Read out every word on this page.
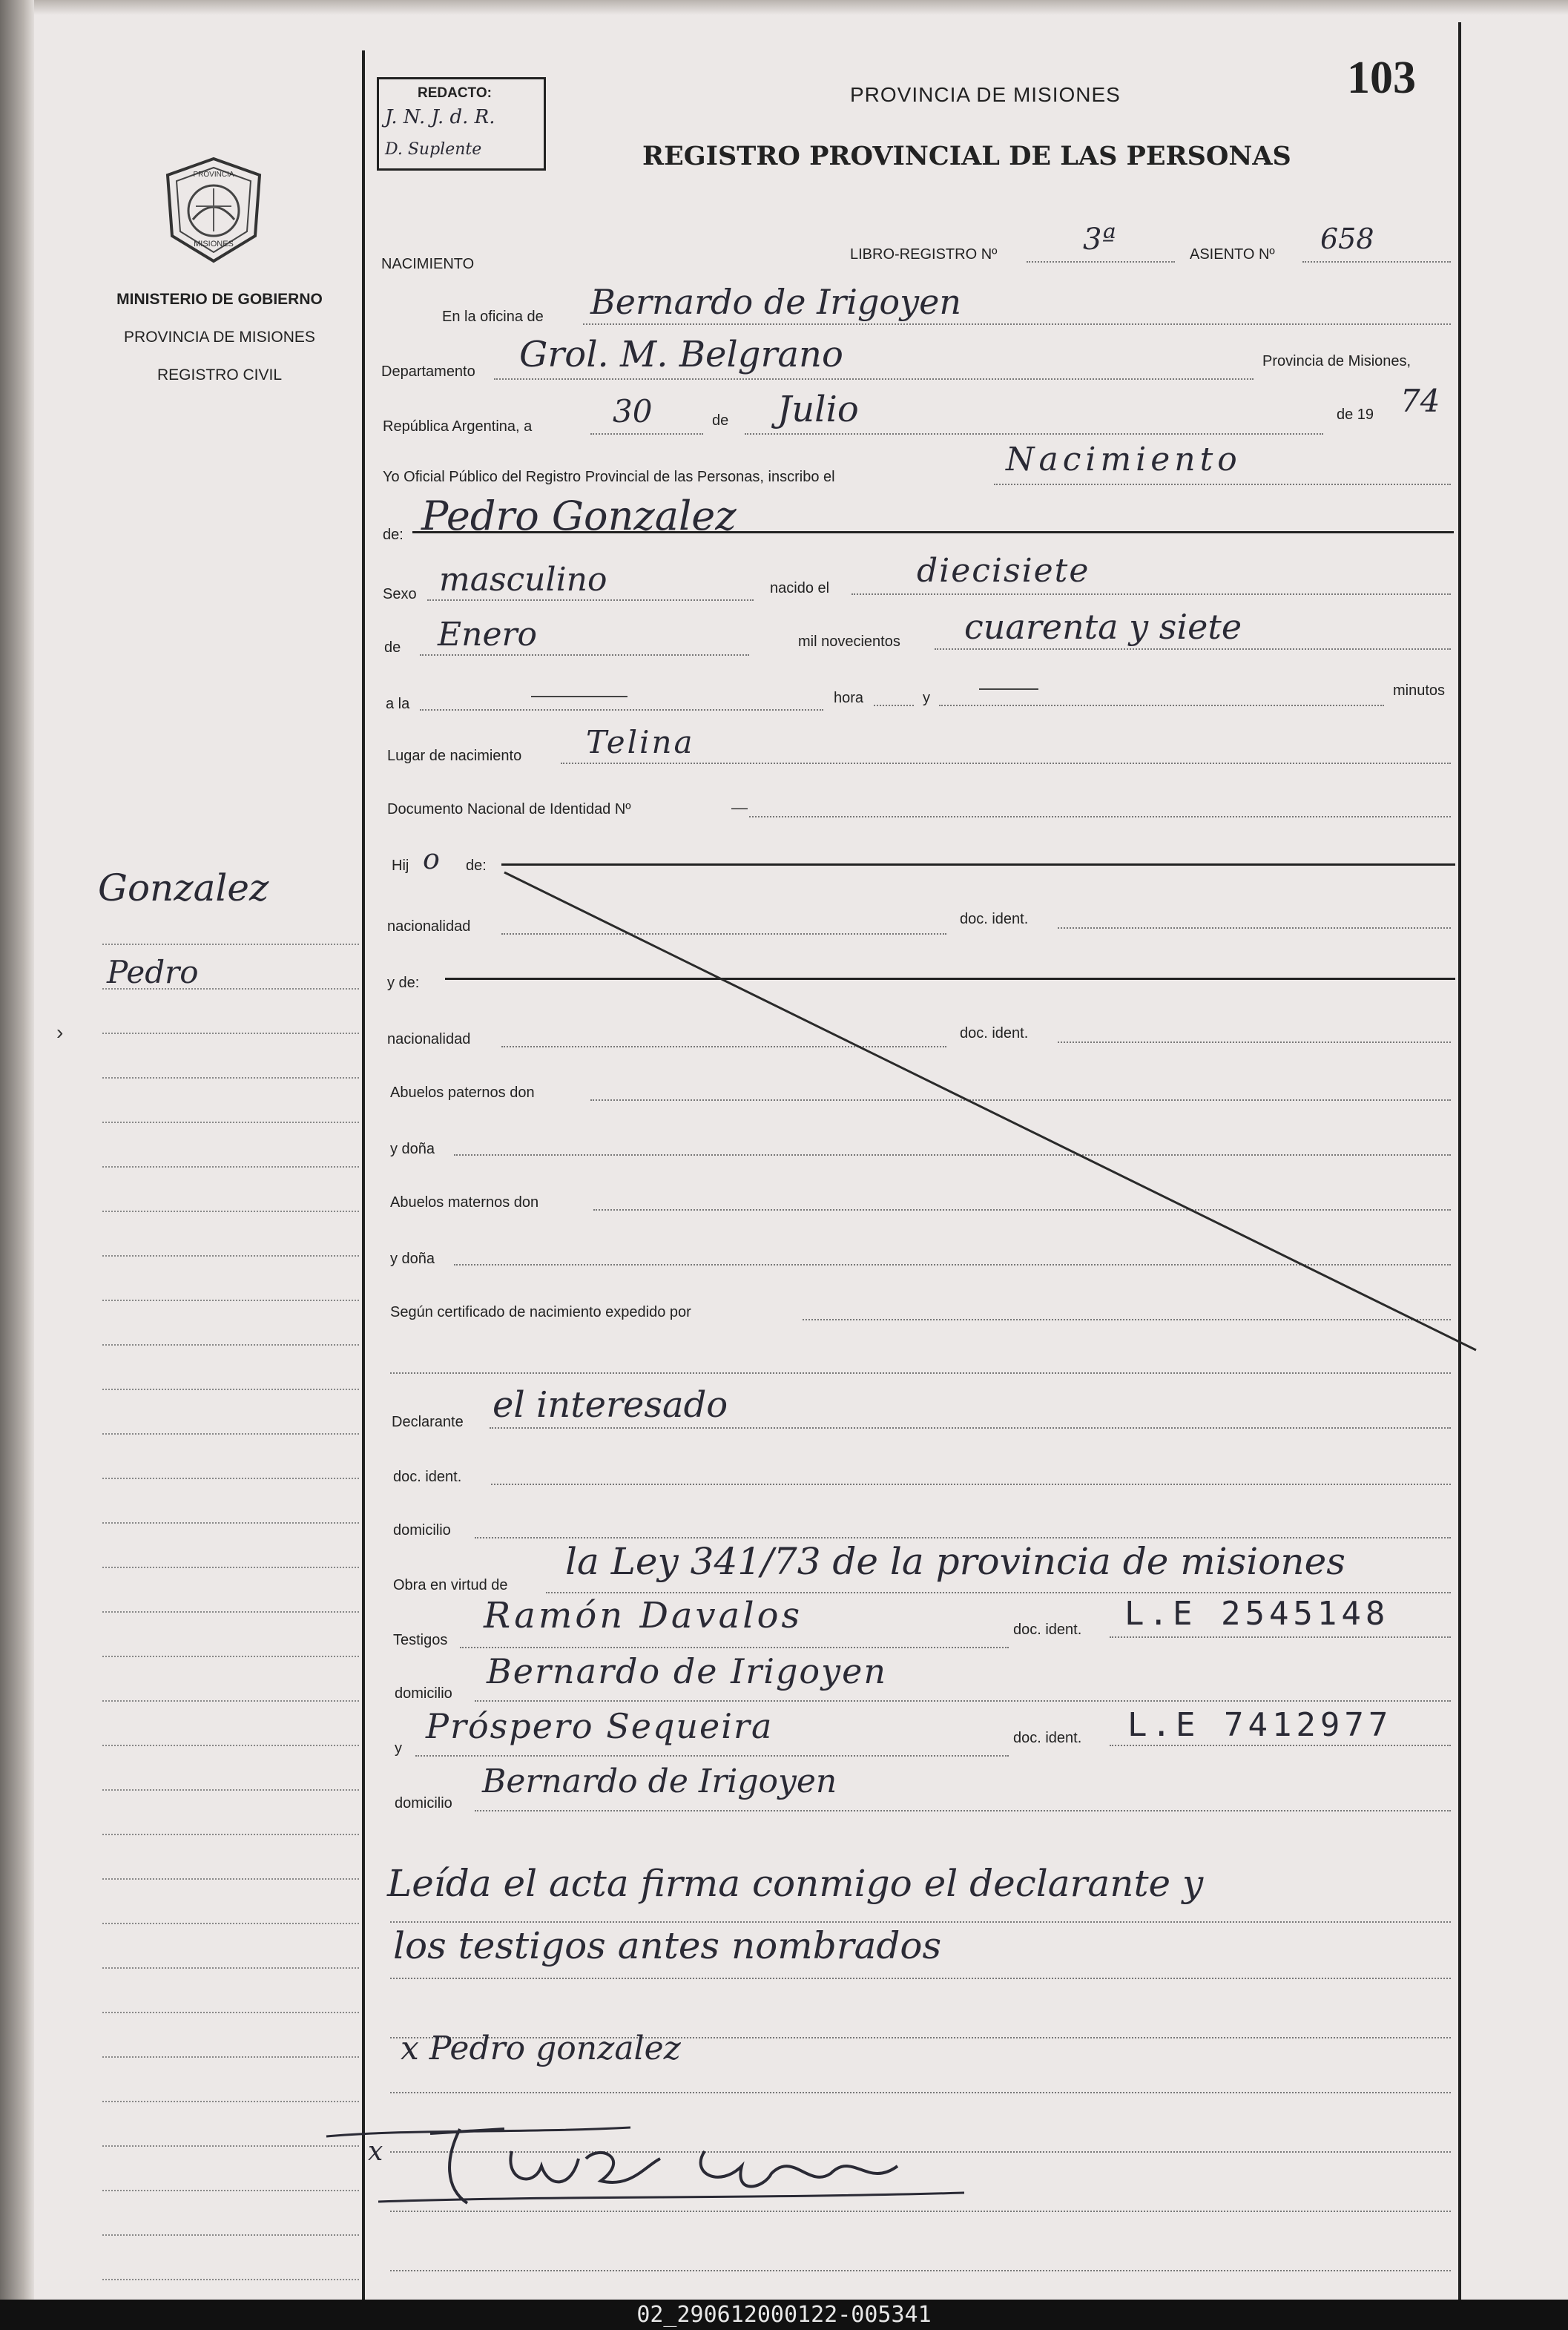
PROVINCIA
MISIONES
MINISTERIO DE GOBIERNO
PROVINCIA DE MISIONES
REGISTRO CIVIL
Gonzalez
Pedro
›
REDACTO:
J. N. J. d. R.
D. Suplente
PROVINCIA DE MISIONES
REGISTRO PROVINCIAL DE LAS PERSONAS
103
NACIMIENTO
LIBRO-REGISTRO Nº	3ª	ASIENTO Nº 658
En la oficina de Bernardo de Irigoyen
Departamento Grol. M. Belgrano	Provincia de Misiones,
República Argentina, a	30	de Julio	de 19 74
Yo Oficial Público del Registro Provincial de las Personas, inscribo el	Nacimiento
de: Pedro Gonzalez
Sexo masculino	nacido el	diecisiete
de Enero	mil novecientos cuarenta y siete
a la	hora	y	minutos
Lugar de nacimiento Telina
Documento Nacional de Identidad Nº	—
Hij o de:
nacionalidad	doc. ident.
y de:
nacionalidad	doc. ident.
Abuelos paternos don
y doña
Abuelos maternos don
y doña
Según certificado de nacimiento expedido por
Declarante el interesado
doc. ident.
domicilio
Obra en virtud de
la Ley 341/73 de la provincia de misiones
Testigos
Ramón Davalos	doc. ident. L.E 2545148
domicilio
Bernardo de Irigoyen
y
Próspero Sequeira	doc. ident. L.E 7412977
domicilio
Bernardo de Irigoyen
Leída el acta firma conmigo el declarante y
los testigos antes nombrados
x Pedro gonzalez
x
02_290612000122-005341
